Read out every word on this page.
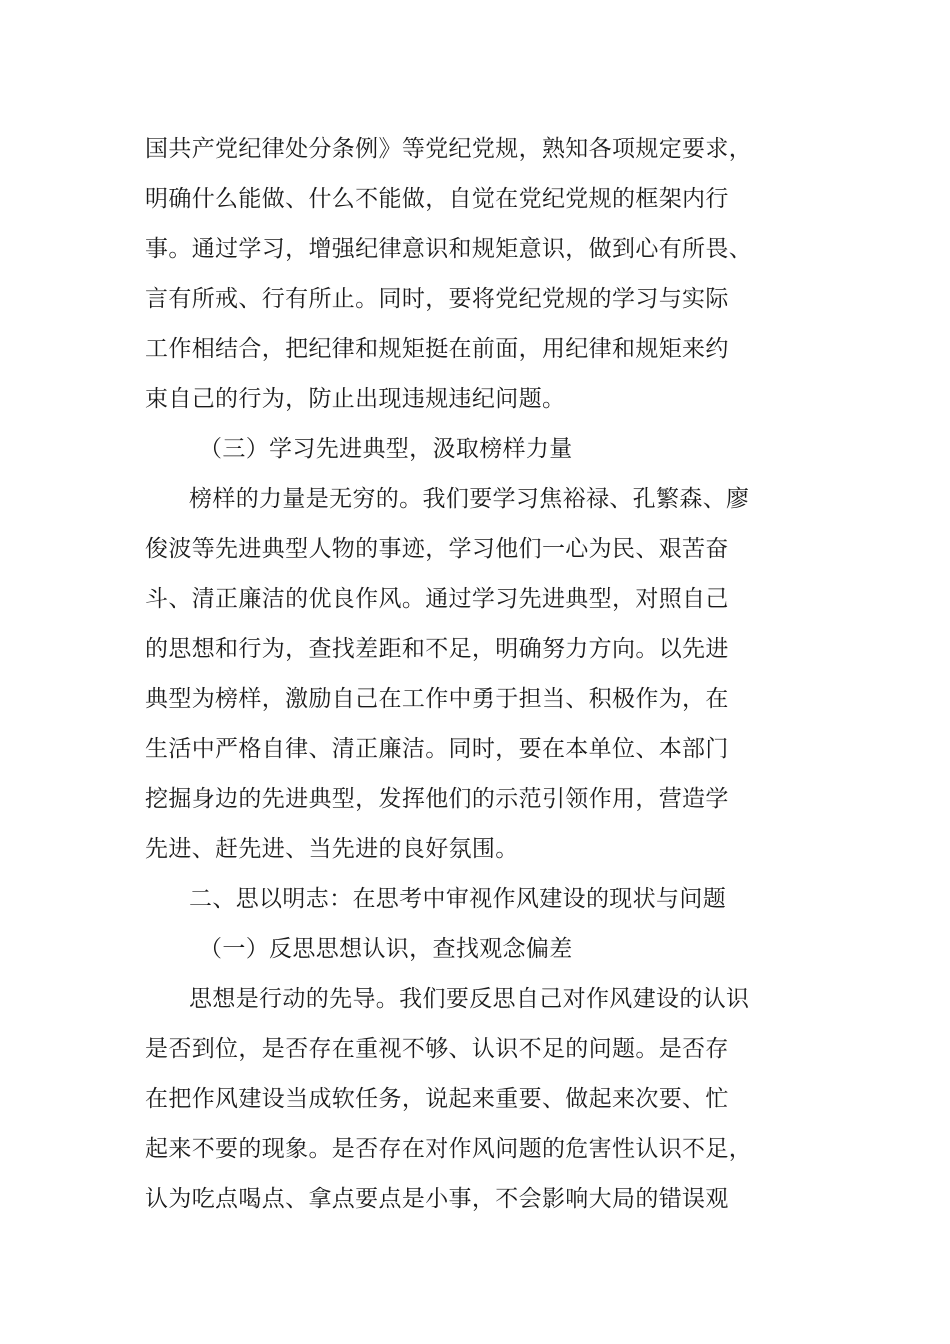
国共产党纪律处分条例》等党纪党规，熟知各项规定要求，
明确什么能做、什么不能做，自觉在党纪党规的框架内行
事。通过学习，增强纪律意识和规矩意识，做到心有所畏、
言有所戒、行有所止。同时，要将党纪党规的学习与实际
工作相结合，把纪律和规矩挺在前面，用纪律和规矩来约
束自己的行为，防止出现违规违纪问题。
（三）学习先进典型，汲取榜样力量
榜样的力量是无穷的。我们要学习焦裕禄、孔繁森、廖
俊波等先进典型人物的事迹，学习他们一心为民、艰苦奋
斗、清正廉洁的优良作风。通过学习先进典型，对照自己
的思想和行为，查找差距和不足，明确努力方向。以先进
典型为榜样，激励自己在工作中勇于担当、积极作为，在
生活中严格自律、清正廉洁。同时，要在本单位、本部门
挖掘身边的先进典型，发挥他们的示范引领作用，营造学
先进、赶先进、当先进的良好氛围。
二、思以明志：在思考中审视作风建设的现状与问题
（一）反思思想认识，查找观念偏差
思想是行动的先导。我们要反思自己对作风建设的认识
是否到位，是否存在重视不够、认识不足的问题。是否存
在把作风建设当成软任务，说起来重要、做起来次要、忙
起来不要的现象。是否存在对作风问题的危害性认识不足，
认为吃点喝点、拿点要点是小事，不会影响大局的错误观
